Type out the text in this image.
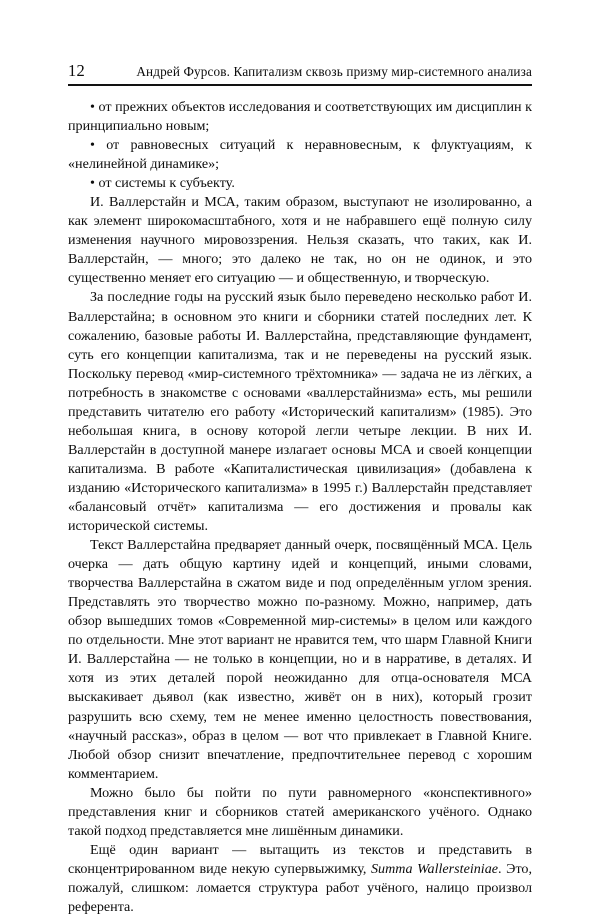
12	Андрей Фурсов. Капитализм сквозь призму мир-системного анализа

• от прежних объектов исследования и соответствующих им дисциплин к принципиально новым;

• от равновесных ситуаций к неравновесным, к флуктуациям, к «нелинейной динамике»;

• от системы к субъекту.

И. Валлерстайн и МСА, таким образом, выступают не изолированно, а как элемент широкомасштабного, хотя и не набравшего ещё полную силу изменения научного мировоззрения. Нельзя сказать, что таких, как И. Валлерстайн, — много; это далеко не так, но он не одинок, и это существенно меняет его ситуацию — и общественную, и творческую.

За последние годы на русский язык было переведено несколько работ И. Валлерстайна; в основном это книги и сборники статей последних лет. К сожалению, базовые работы И. Валлерстайна, представляющие фундамент, суть его концепции капитализма, так и не переведены на русский язык. Поскольку перевод «мир-системного трёхтомника» — задача не из лёгких, а потребность в знакомстве с основами «валлерстайнизма» есть, мы решили представить читателю его работу «Исторический капитализм» (1985). Это небольшая книга, в основу которой легли четыре лекции. В них И. Валлерстайн в доступной манере излагает основы МСА и своей концепции капитализма. В работе «Капиталистическая цивилизация» (добавлена к изданию «Исторического капитализма» в 1995 г.) Валлерстайн представляет «балансовый отчёт» капитализма — его достижения и провалы как исторической системы.

Текст Валлерстайна предваряет данный очерк, посвящённый МСА. Цель очерка — дать общую картину идей и концепций, иными словами, творчества Валлерстайна в сжатом виде и под определённым углом зрения. Представлять это творчество можно по-разному. Можно, например, дать обзор вышедших томов «Современной мир-системы» в целом или каждого по отдельности. Мне этот вариант не нравится тем, что шарм Главной Книги И. Валлерстайна — не только в концепции, но и в нарративе, в деталях. И хотя из этих деталей порой неожиданно для отца-основателя МСА выскакивает дьявол (как известно, живёт он в них), который грозит разрушить всю схему, тем не менее именно целостность повествования, «научный рассказ», образ в целом — вот что привлекает в Главной Книге. Любой обзор снизит впечатление, предпочтительнее перевод с хорошим комментарием.

Можно было бы пойти по пути равномерного «конспективного» представления книг и сборников статей американского учёного. Однако такой подход представляется мне лишённым динамики.

Ещё один вариант — вытащить из текстов и представить в сконцентрированном виде некую супервыжимку, Summa Wallersteiniae. Это, пожалуй, слишком: ломается структура работ учёного, налицо произвол референта.
